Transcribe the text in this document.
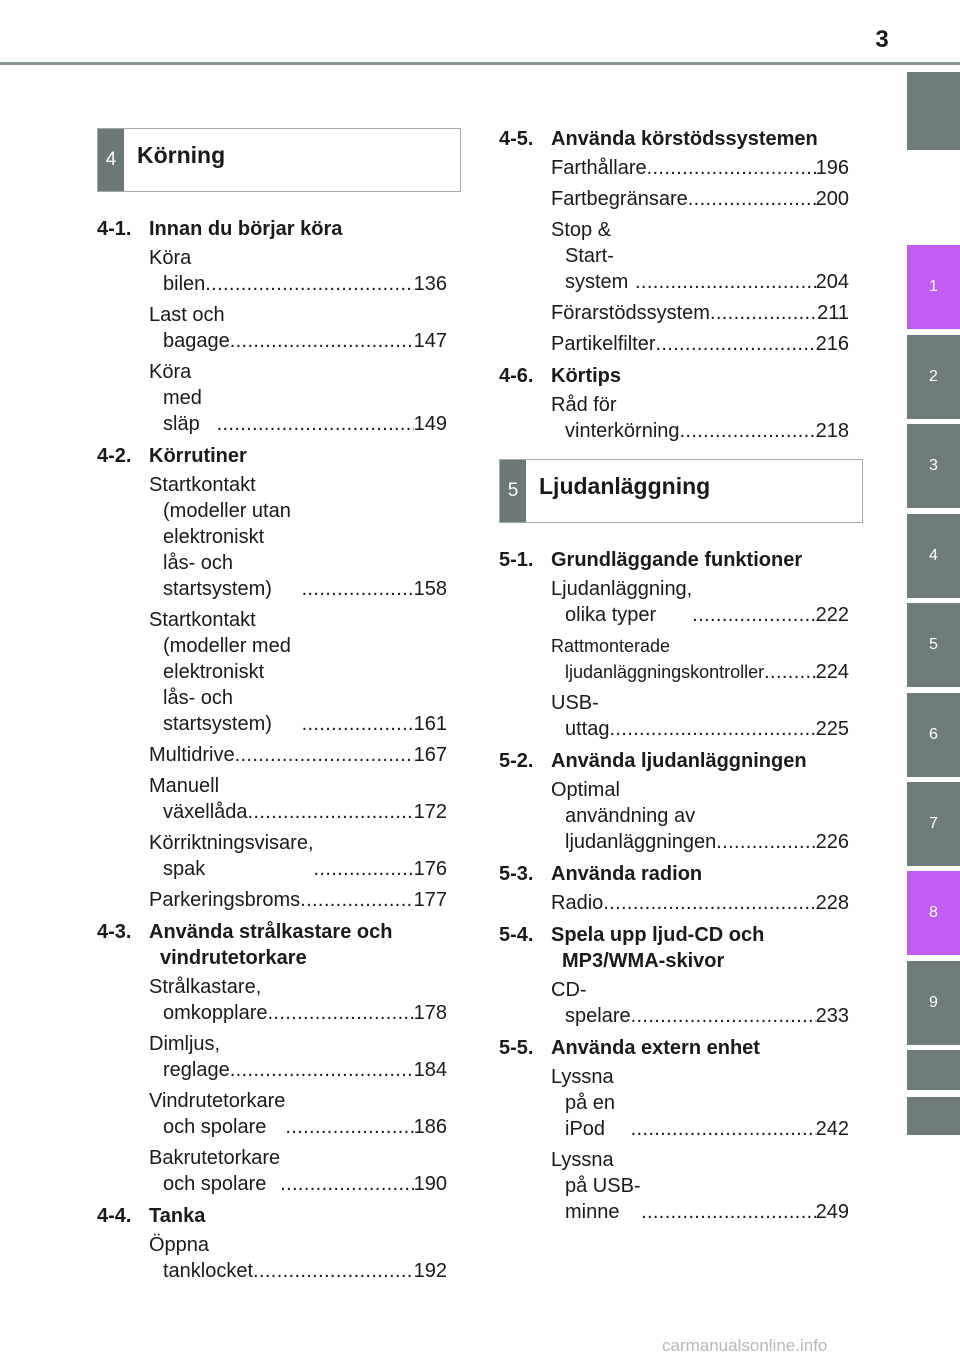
3
1
2
3
4
5
6
7
8
9
4 Körning
4-1. Innan du börjar köra
Köra bilen . . .	136
Last och bagage . . .	147
Köra med släp . . .	149
4-2. Körrutiner
Startkontakt (modeller utan elektroniskt lås- och startsystem) . . .	158
Startkontakt (modeller med elektroniskt lås- och startsystem) . . .	161
Multidrive . . .	167
Manuell växellåda . . .	172
Körriktningsvisare, spak . . .	176
Parkeringsbroms . . .	177
4-3. Använda strålkastare och vindrutetorkare
Strålkastare, omkopplare . . .	178
Dimljus, reglage . . .	184
Vindrutetorkare och spolare . . .	186
Bakrutetorkare och spolare . . .	190
4-4. Tanka
Öppna tanklocket . . .	192
4-5. Använda körstödssystemen
Farthållare . . .	196
Fartbegränsare . . .	200
Stop & Start-system . . .	204
Förarstödssystem . . .	211
Partikelfilter . . .	216
4-6. Körtips
Råd för vinterkörning . . .	218
5 Ljudanläggning
5-1. Grundläggande funktioner
Ljudanläggning, olika typer . . .	222
Rattmonterade ljudanläggningskontroller . . .	224
USB-uttag . . .	225
5-2. Använda ljudanläggningen
Optimal användning av ljudanläggningen . . .	226
5-3. Använda radion
Radio . . .	228
5-4. Spela upp ljud-CD och MP3/WMA-skivor
CD-spelare . . .	233
5-5. Använda extern enhet
Lyssna på en iPod . . .	242
Lyssna på USB-minne . . .	249
carmanualsonline.info
